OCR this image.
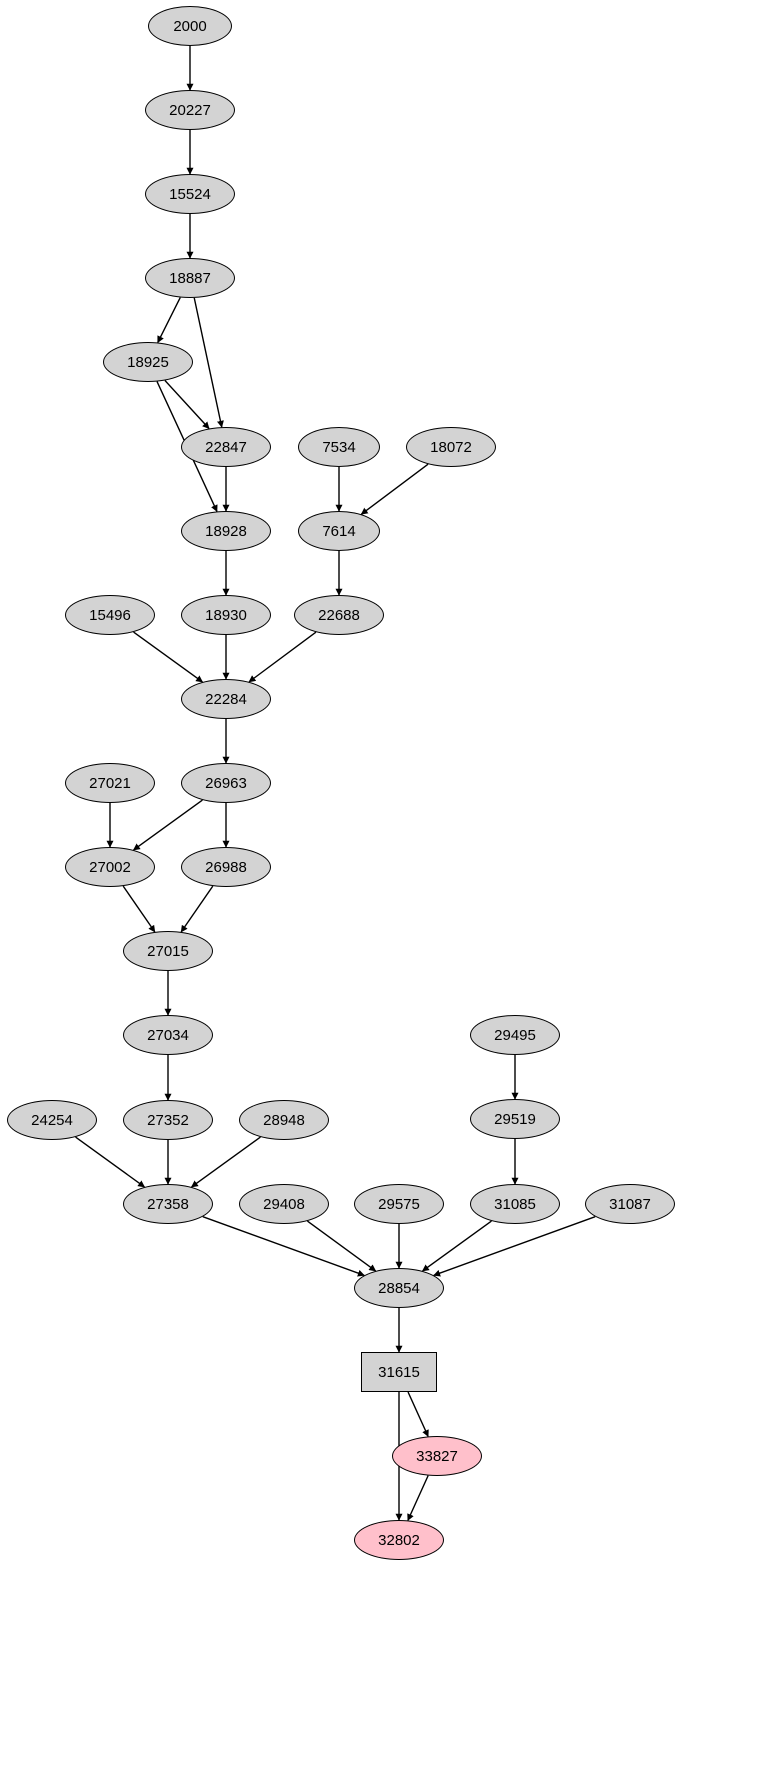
2000
20227
15524
18887
18925
22847	7534	18072
18928	7614
15496	18930	22688
22284
27021	26963
27002	26988
27015
27034	29495
29519
24254	27352	28948
27358	29408	29575	31085	31087
28854
31615
33827
32802
